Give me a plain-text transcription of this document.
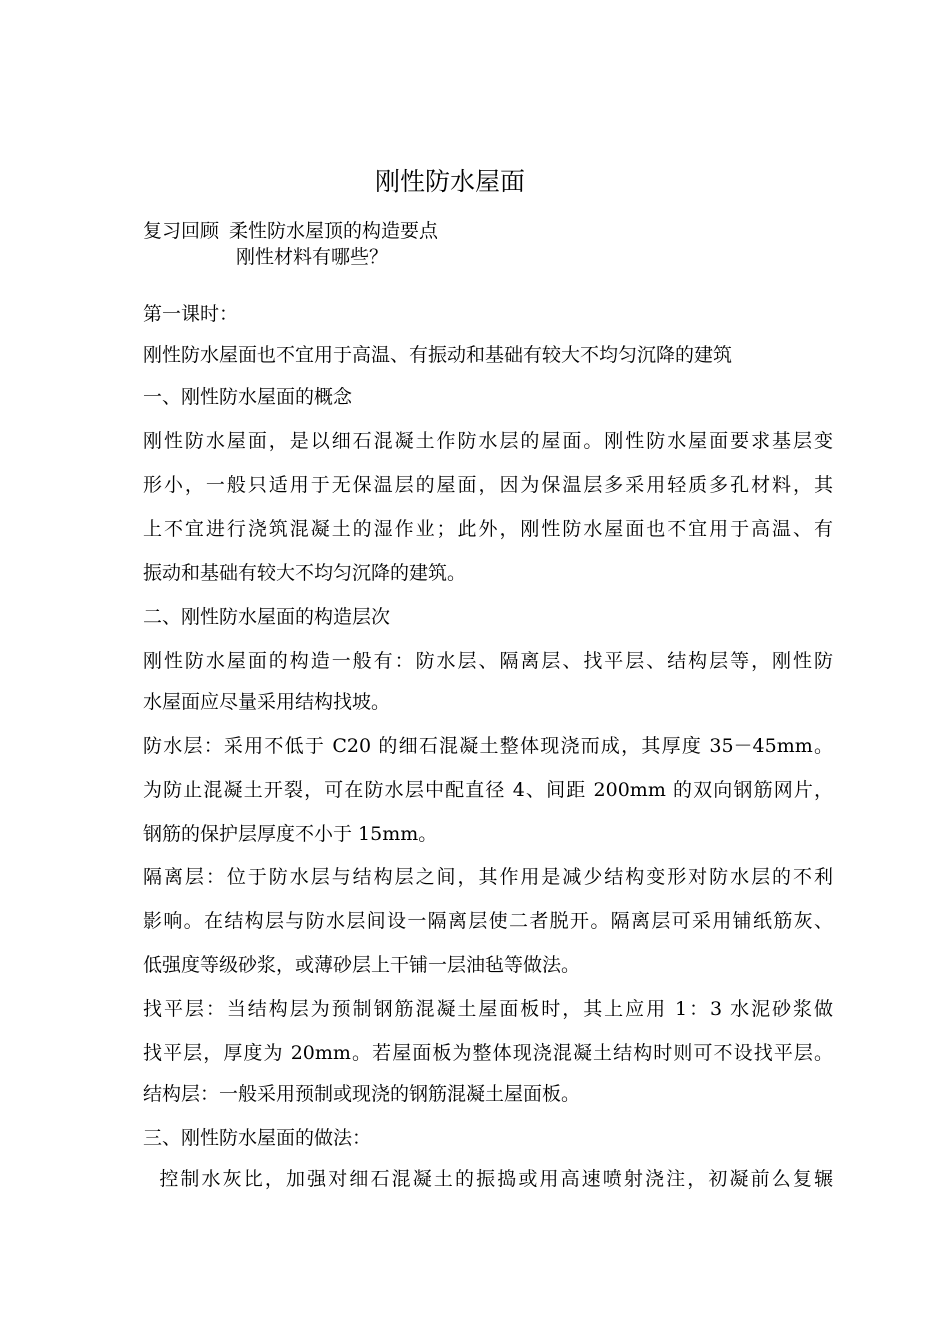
刚性防水屋面
复习回顾 柔性防水屋顶的构造要点
刚性材料有哪些？
第一课时：
刚性防水屋面也不宜用于高温、有振动和基础有较大不均匀沉降的建筑
一、刚性防水屋面的概念
刚性防水屋面，是以细石混凝土作防水层的屋面。刚性防水屋面要求基层变
形小，一般只适用于无保温层的屋面，因为保温层多采用轻质多孔材料，其
上不宜进行浇筑混凝土的湿作业；此外，刚性防水屋面也不宜用于高温、有
振动和基础有较大不均匀沉降的建筑。
二、刚性防水屋面的构造层次
刚性防水屋面的构造一般有：防水层、隔离层、找平层、结构层等，刚性防
水屋面应尽量采用结构找坡。
防水层：采用不低于 C20 的细石混凝土整体现浇而成，其厚度 35－45mm。
为防止混凝土开裂，可在防水层中配直径 4、间距 200mm 的双向钢筋网片，
钢筋的保护层厚度不小于 15mm。
隔离层：位于防水层与结构层之间，其作用是减少结构变形对防水层的不利
影响。在结构层与防水层间设一隔离层使二者脱开。隔离层可采用铺纸筋灰、
低强度等级砂浆，或薄砂层上干铺一层油毡等做法。
找平层：当结构层为预制钢筋混凝土屋面板时，其上应用 1：3 水泥砂浆做
找平层，厚度为 20mm。若屋面板为整体现浇混凝土结构时则可不设找平层。
结构层：一般采用预制或现浇的钢筋混凝土屋面板。
三、刚性防水屋面的做法：
控制水灰比，加强对细石混凝土的振捣或用高速喷射浇注，初凝前么复辗
